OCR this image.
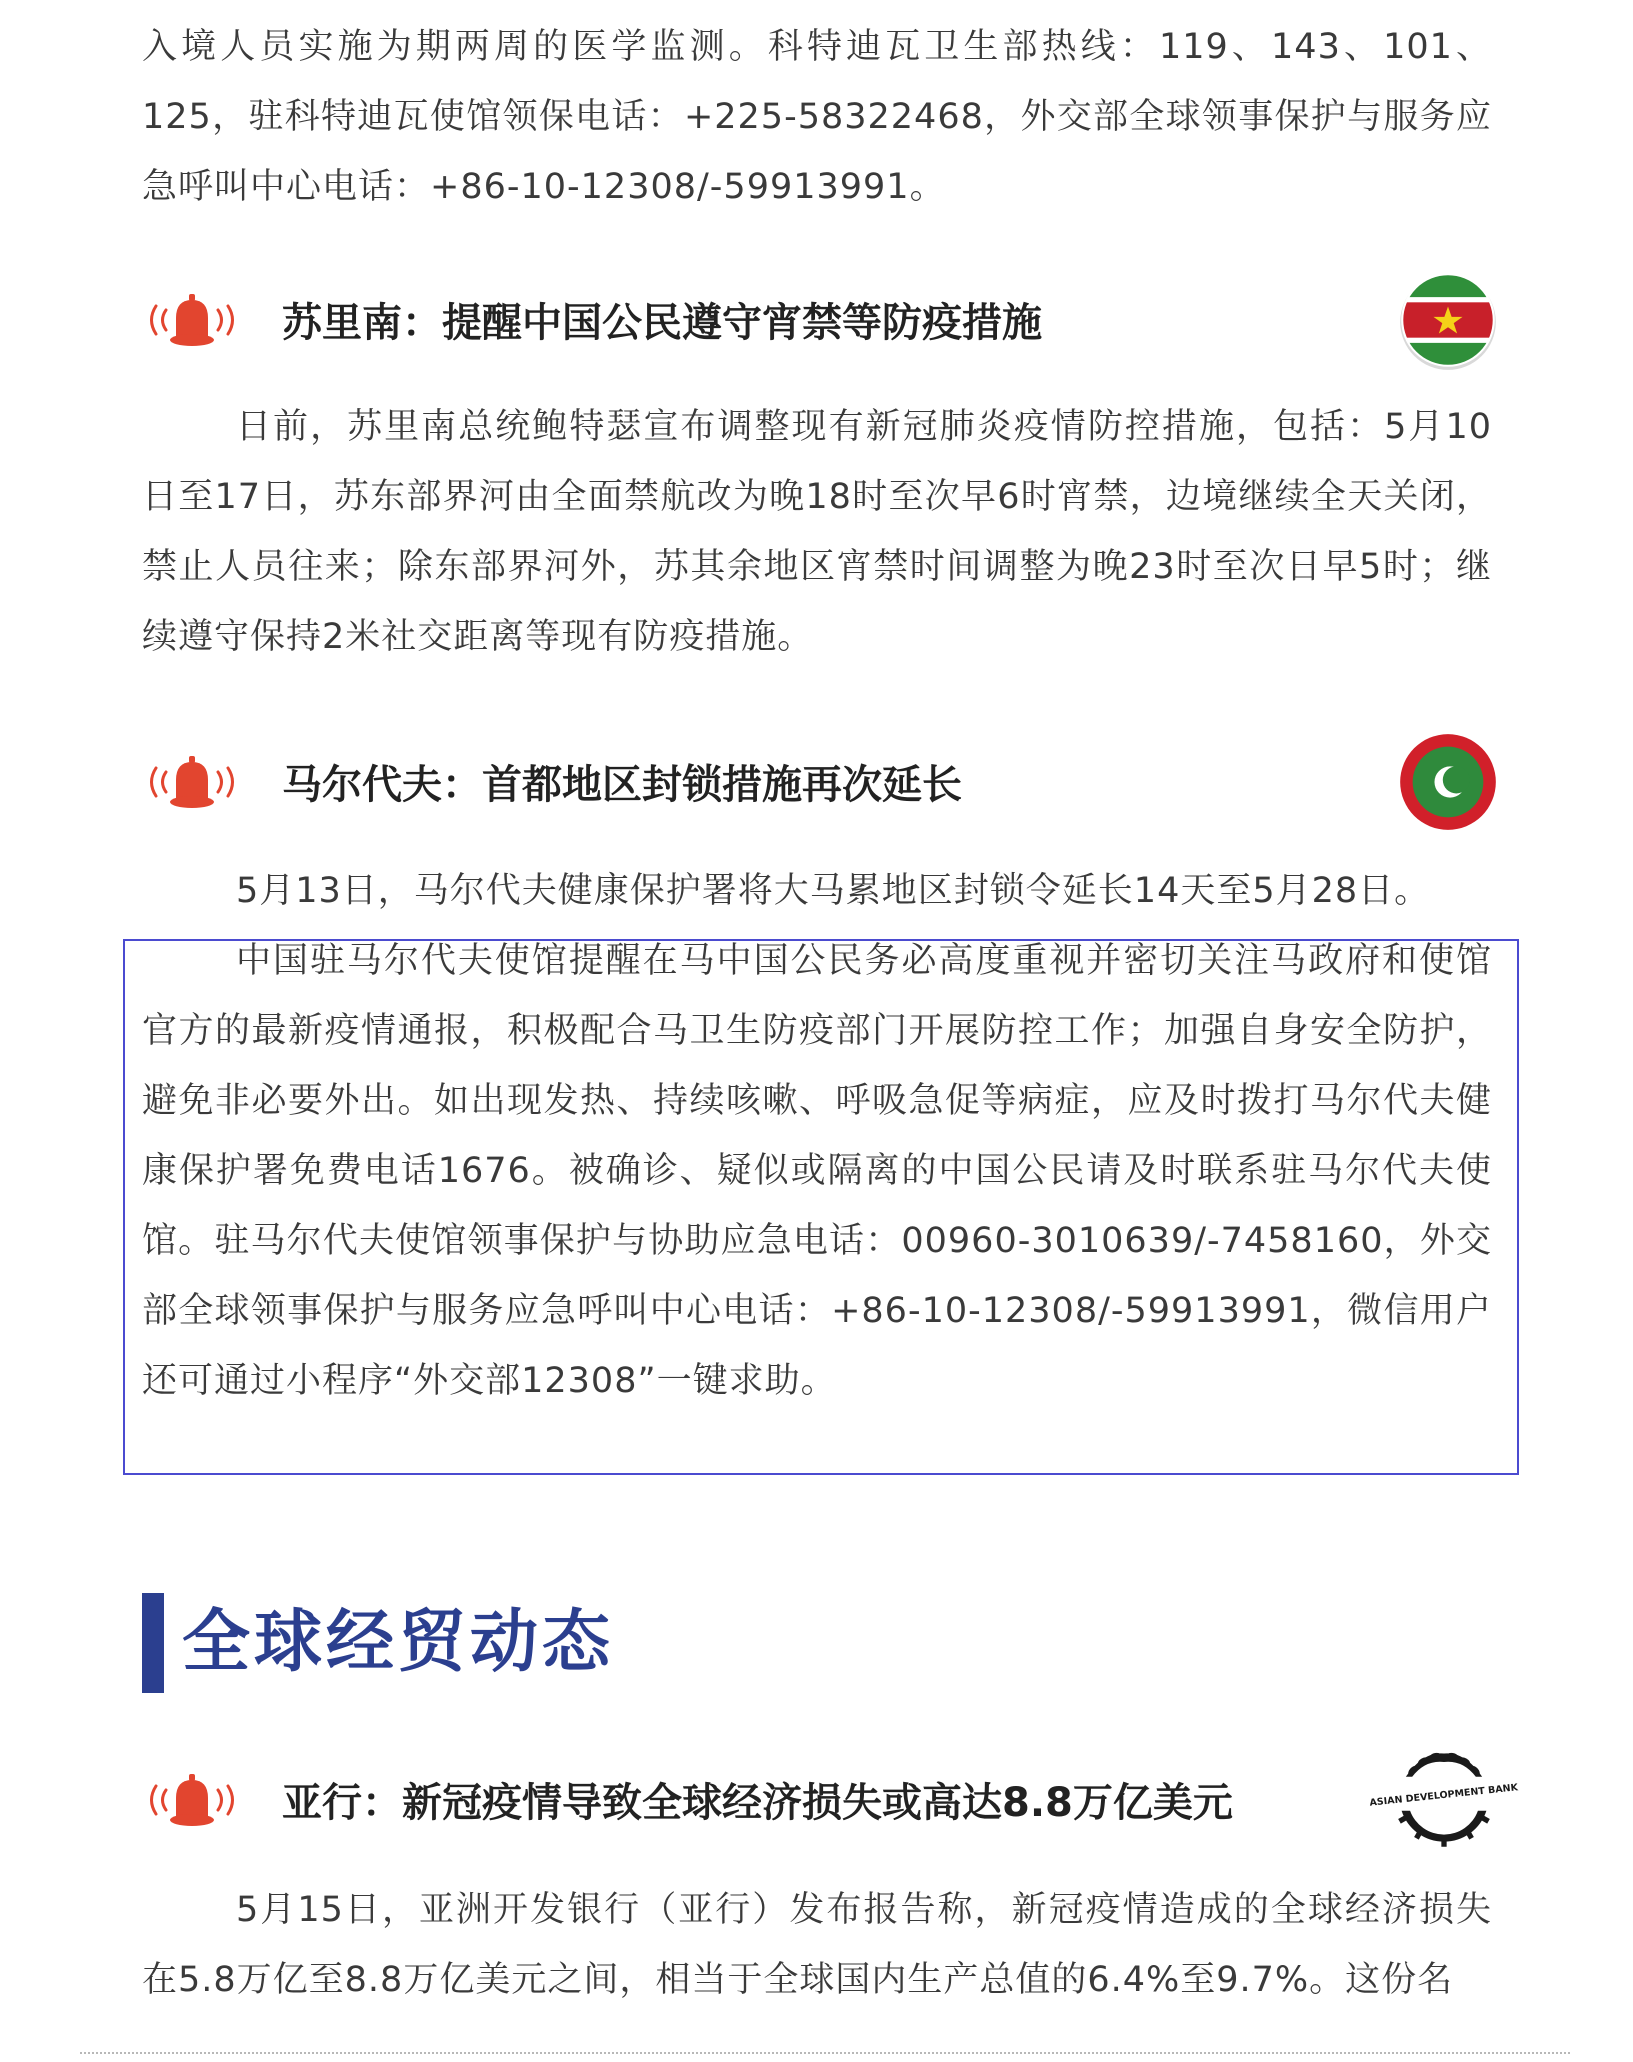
入境人员实施为期两周的医学监测。科特迪瓦卫生部热线：119、143、101、125，驻科特迪瓦使馆领保电话：+225-58322468，外交部全球领事保护与服务应急呼叫中心电话：+86-10-12308/-59913991。

苏里南：提醒中国公民遵守宵禁等防疫措施

日前，苏里南总统鲍特瑟宣布调整现有新冠肺炎疫情防控措施，包括：5月10日至17日，苏东部界河由全面禁航改为晚18时至次早6时宵禁，边境继续全天关闭，禁止人员往来；除东部界河外，苏其余地区宵禁时间调整为晚23时至次日早5时；继续遵守保持2米社交距离等现有防疫措施。

马尔代夫：首都地区封锁措施再次延长

5月13日，马尔代夫健康保护署将大马累地区封锁令延长14天至5月28日。

中国驻马尔代夫使馆提醒在马中国公民务必高度重视并密切关注马政府和使馆官方的最新疫情通报，积极配合马卫生防疫部门开展防控工作；加强自身安全防护，避免非必要外出。如出现发热、持续咳嗽、呼吸急促等病症，应及时拨打马尔代夫健康保护署免费电话1676。被确诊、疑似或隔离的中国公民请及时联系驻马尔代夫使馆。驻马尔代夫使馆领事保护与协助应急电话：00960-3010639/-7458160，外交部全球领事保护与服务应急呼叫中心电话：+86-10-12308/-59913991，微信用户还可通过小程序“外交部12308”一键求助。

全球经贸动态
亚行：新冠疫情导致全球经济损失或高达8.8万亿美元	ASIAN DEVELOPMENT BANK

5月15日，亚洲开发银行（亚行）发布报告称，新冠疫情造成的全球经济损失在5.8万亿至8.8万亿美元之间，相当于全球国内生产总值的6.4%至9.7%。这份名
